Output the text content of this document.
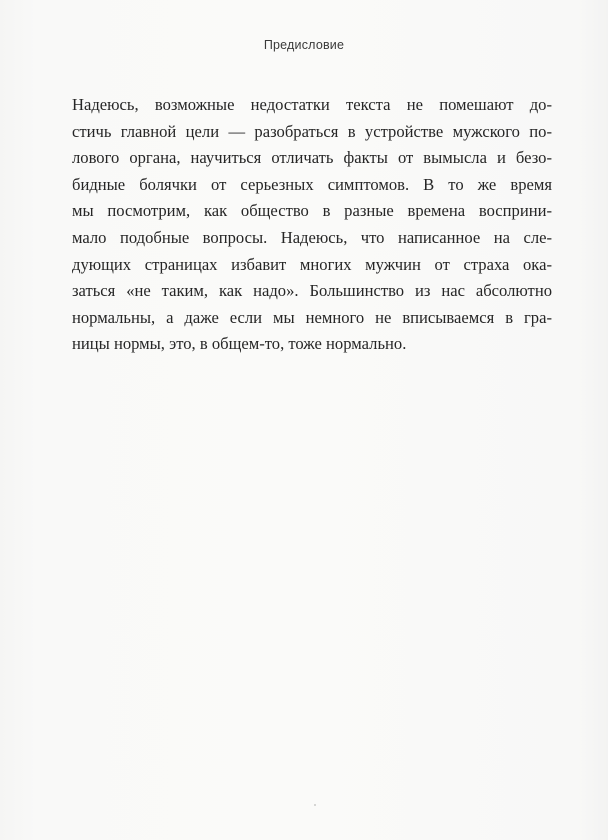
Предисловие
Надеюсь, возможные недостатки текста не помешают до-
стичь главной цели — разобраться в устройстве мужского по-
лового органа, научиться отличать факты от вымысла и безо-
бидные болячки от серьезных симптомов. В то же время
мы посмотрим, как общество в разные времена восприни-
мало подобные вопросы. Надеюсь, что написанное на сле-
дующих страницах избавит многих мужчин от страха ока-
заться «не таким, как надо». Большинство из нас абсолютно
нормальны, а даже если мы немного не вписываемся в гра-
ницы нормы, это, в общем-то, тоже нормально.
